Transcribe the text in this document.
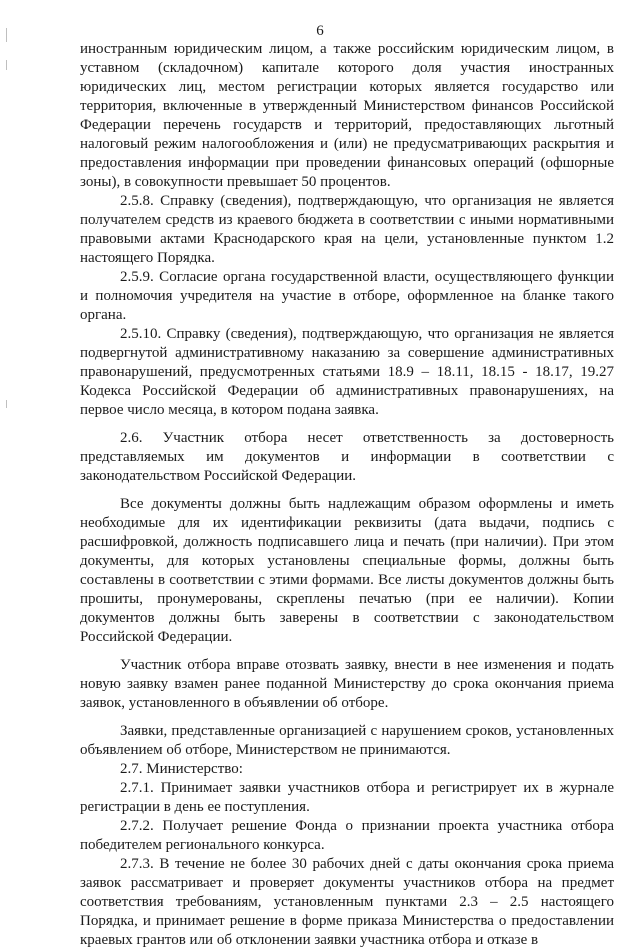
6

иностранным юридическим лицом, а также российским юридическим лицом, в уставном (складочном) капитале которого доля участия иностранных юридических лиц, местом регистрации которых является государство или территория, включенные в утвержденный Министерством финансов Российской Федерации перечень государств и территорий, предоставляющих льготный налоговый режим налогообложения и (или) не предусматривающих раскрытия и предоставления информации при проведении финансовых операций (офшорные зоны), в совокупности превышает 50 процентов.

2.5.8. Справку (сведения), подтверждающую, что организация не является получателем средств из краевого бюджета в соответствии с иными нормативными правовыми актами Краснодарского края на цели, установленные пунктом 1.2 настоящего Порядка.

2.5.9. Согласие органа государственной власти, осуществляющего функции и полномочия учредителя на участие в отборе, оформленное на бланке такого органа.

2.5.10. Справку (сведения), подтверждающую, что организация не является подвергнутой административному наказанию за совершение административных правонарушений, предусмотренных статьями 18.9 – 18.11, 18.15 - 18.17, 19.27 Кодекса Российской Федерации об административных правонарушениях, на первое число месяца, в котором подана заявка.

2.6. Участник отбора несет ответственность за достоверность представляемых им документов и информации в соответствии с законодательством Российской Федерации.

Все документы должны быть надлежащим образом оформлены и иметь необходимые для их идентификации реквизиты (дата выдачи, подпись с расшифровкой, должность подписавшего лица и печать (при наличии). При этом документы, для которых установлены специальные формы, должны быть составлены в соответствии с этими формами. Все листы документов должны быть прошиты, пронумерованы, скреплены печатью (при ее наличии). Копии документов должны быть заверены в соответствии с законодательством Российской Федерации.

Участник отбора вправе отозвать заявку, внести в нее изменения и подать новую заявку взамен ранее поданной Министерству до срока окончания приема заявок, установленного в объявлении об отборе.

Заявки, представленные организацией с нарушением сроков, установленных объявлением об отборе, Министерством не принимаются.

2.7. Министерство:

2.7.1. Принимает заявки участников отбора и регистрирует их в журнале регистрации в день ее поступления.

2.7.2. Получает решение Фонда о признании проекта участника отбора победителем регионального конкурса.

2.7.3. В течение не более 30 рабочих дней с даты окончания срока приема заявок рассматривает и проверяет документы участников отбора на предмет соответствия требованиям, установленным пунктами 2.3 – 2.5 настоящего Порядка, и принимает решение в форме приказа Министерства о предоставлении краевых грантов или об отклонении заявки участника отбора и отказе в
